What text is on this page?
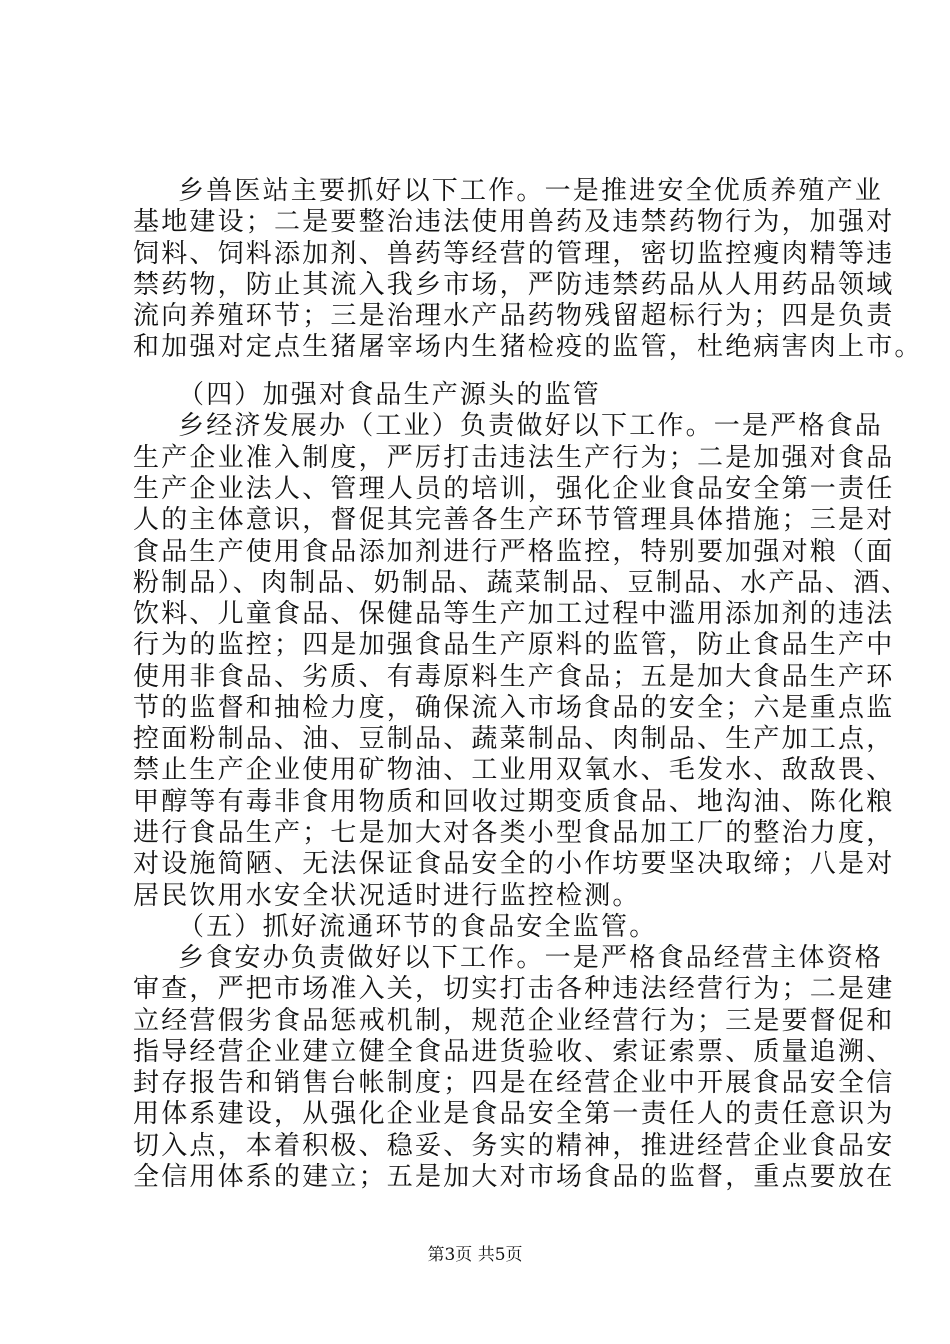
乡兽医站主要抓好以下工作。一是推进安全优质养殖产业
基地建设；二是要整治违法使用兽药及违禁药物行为，加强对
饲料、饲料添加剂、兽药等经营的管理，密切监控瘦肉精等违
禁药物，防止其流入我乡市场，严防违禁药品从人用药品领域
流向养殖环节；三是治理水产品药物残留超标行为；四是负责
和加强对定点生猪屠宰场内生猪检疫的监管，杜绝病害肉上市。
（四）加强对食品生产源头的监管
乡经济发展办（工业）负责做好以下工作。一是严格食品
生产企业准入制度，严厉打击违法生产行为；二是加强对食品
生产企业法人、管理人员的培训，强化企业食品安全第一责任
人的主体意识，督促其完善各生产环节管理具体措施；三是对
食品生产使用食品添加剂进行严格监控，特别要加强对粮（面
粉制品）、肉制品、奶制品、蔬菜制品、豆制品、水产品、酒、
饮料、儿童食品、保健品等生产加工过程中滥用添加剂的违法
行为的监控；四是加强食品生产原料的监管，防止食品生产中
使用非食品、劣质、有毒原料生产食品；五是加大食品生产环
节的监督和抽检力度，确保流入市场食品的安全；六是重点监
控面粉制品、油、豆制品、蔬菜制品、肉制品、生产加工点，
禁止生产企业使用矿物油、工业用双氧水、毛发水、敌敌畏、
甲醇等有毒非食用物质和回收过期变质食品、地沟油、陈化粮
进行食品生产；七是加大对各类小型食品加工厂的整治力度，
对设施简陋、无法保证食品安全的小作坊要坚决取缔；八是对
居民饮用水安全状况适时进行监控检测。
（五）抓好流通环节的食品安全监管。
乡食安办负责做好以下工作。一是严格食品经营主体资格
审查，严把市场准入关，切实打击各种违法经营行为；二是建
立经营假劣食品惩戒机制，规范企业经营行为；三是要督促和
指导经营企业建立健全食品进货验收、索证索票、质量追溯、
封存报告和销售台帐制度；四是在经营企业中开展食品安全信
用体系建设，从强化企业是食品安全第一责任人的责任意识为
切入点，本着积极、稳妥、务实的精神，推进经营企业食品安
全信用体系的建立；五是加大对市场食品的监督，重点要放在
第3页 共5页
